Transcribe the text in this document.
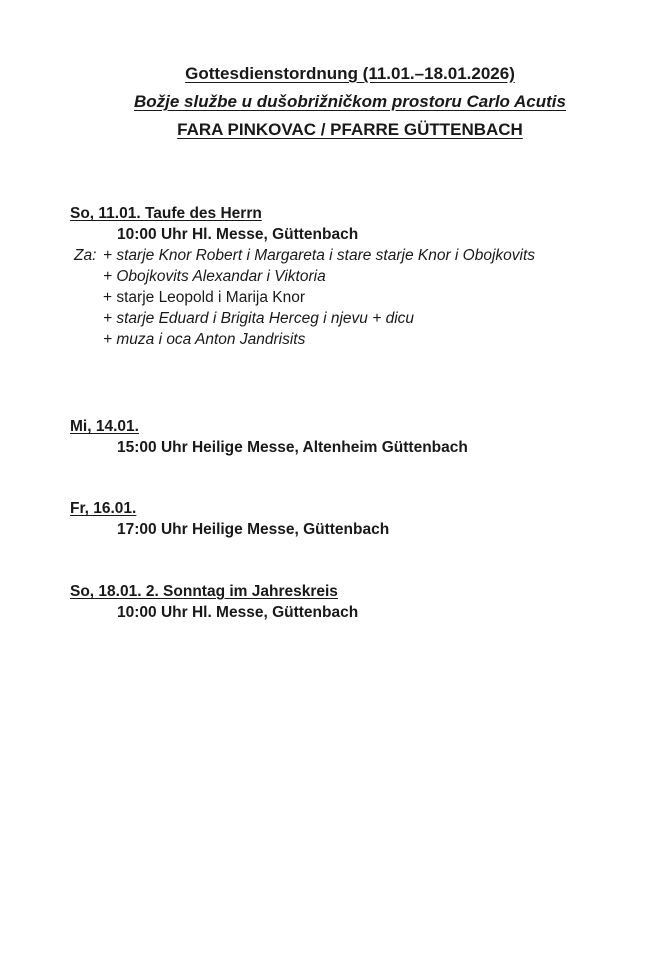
Gottesdienstordnung (11.01.–18.01.2026)
Božje službe u dušobrižničkom prostoru Carlo Acutis
FARA PINKOVAC / PFARRE GÜTTENBACH
So, 11.01. Taufe des Herrn
10:00 Uhr Hl. Messe, Güttenbach
Za: + starje Knor Robert i Margareta i stare starje Knor i Obojkovits
+ Obojkovits Alexandar i Viktoria
+ starje Leopold i Marija Knor
+ starje Eduard i Brigita Herceg i njevu + dicu
+ muza i oca Anton Jandrisits
Mi, 14.01.
15:00 Uhr Heilige Messe, Altenheim Güttenbach
Fr, 16.01.
17:00 Uhr Heilige Messe, Güttenbach
So, 18.01. 2. Sonntag im Jahreskreis
10:00 Uhr Hl. Messe, Güttenbach
